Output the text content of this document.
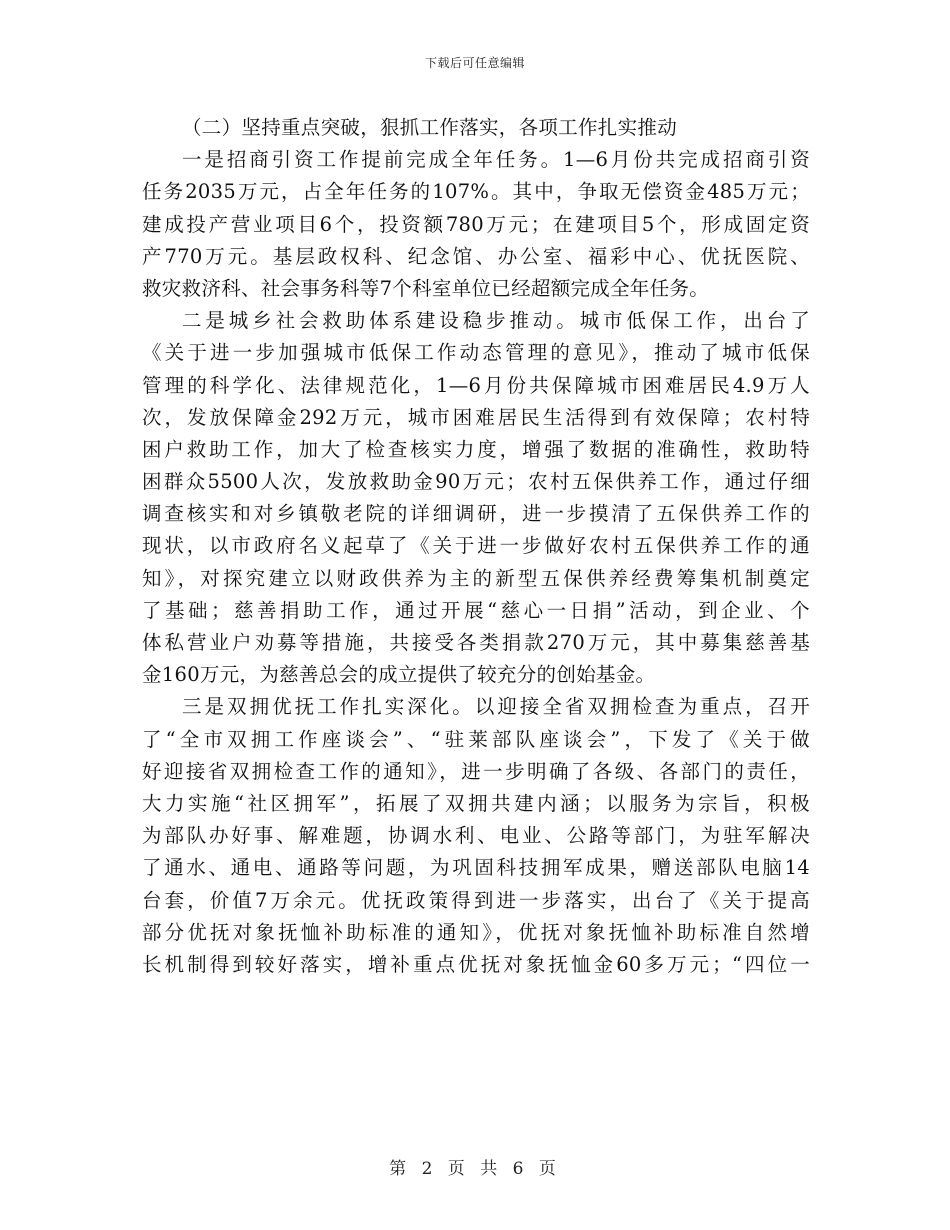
下载后可任意编辑
（二）坚持重点突破，狠抓工作落实，各项工作扎实推动
一是招商引资工作提前完成全年任务。1—6月份共完成招商引资
任务2035万元，占全年任务的107%。其中，争取无偿资金485万元；
建成投产营业项目6个，投资额780万元；在建项目5个，形成固定资
产770万元。基层政权科、纪念馆、办公室、福彩中心、优抚医院、
救灾救济科、社会事务科等7个科室单位已经超额完成全年任务。
二是城乡社会救助体系建设稳步推动。城市低保工作，出台了
《关于进一步加强城市低保工作动态管理的意见》，推动了城市低保
管理的科学化、法律规范化，1—6月份共保障城市困难居民4.9万人
次，发放保障金292万元，城市困难居民生活得到有效保障；农村特
困户救助工作，加大了检查核实力度，增强了数据的准确性，救助特
困群众5500人次，发放救助金90万元；农村五保供养工作，通过仔细
调查核实和对乡镇敬老院的详细调研，进一步摸清了五保供养工作的
现状，以市政府名义起草了《关于进一步做好农村五保供养工作的通
知》，对探究建立以财政供养为主的新型五保供养经费筹集机制奠定
了基础；慈善捐助工作，通过开展“慈心一日捐”活动，到企业、个
体私营业户劝募等措施，共接受各类捐款270万元，其中募集慈善基
金160万元，为慈善总会的成立提供了较充分的创始基金。
三是双拥优抚工作扎实深化。以迎接全省双拥检查为重点，召开
了“全市双拥工作座谈会”、“驻莱部队座谈会”，下发了《关于做
好迎接省双拥检查工作的通知》，进一步明确了各级、各部门的责任，
大力实施“社区拥军”，拓展了双拥共建内涵；以服务为宗旨，积极
为部队办好事、解难题，协调水利、电业、公路等部门，为驻军解决
了通水、通电、通路等问题，为巩固科技拥军成果，赠送部队电脑14
台套，价值7万余元。优抚政策得到进一步落实，出台了《关于提高
部分优抚对象抚恤补助标准的通知》，优抚对象抚恤补助标准自然增
长机制得到较好落实，增补重点优抚对象抚恤金60多万元；“四位一
第 2 页 共 6 页
